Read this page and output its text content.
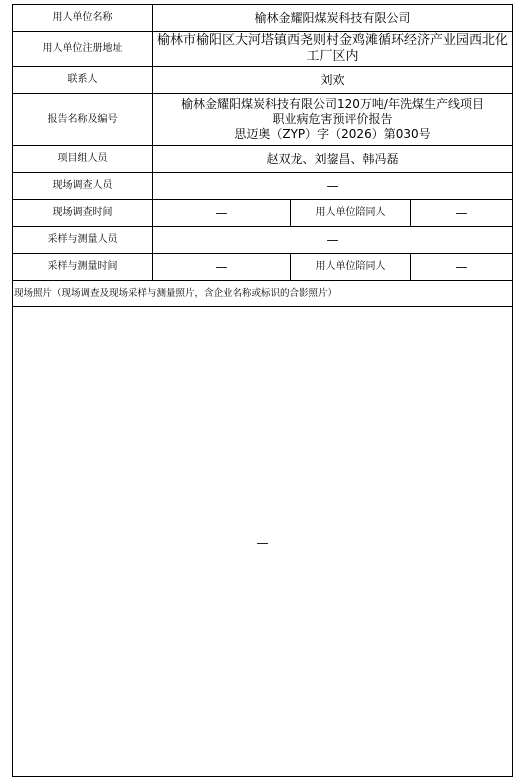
用人单位名称	榆林金耀阳煤炭科技有限公司		
用人单位注册地址	榆林市榆阳区大河塔镇西尧则村金鸡滩循环经济产业园西北化工厂区内		
联系人	刘欢		
报告名称及编号	榆林金耀阳煤炭科技有限公司120万吨/年洗煤生产线项目
职业病危害预评价报告
思迈奥（ZYP）字（2026）第030号		

项目组人员	赵双龙、刘鋆昌、韩冯磊		
现场调查人员	—		
现场调查时间	—	用人单位陪同人	—
采样与测量人员	—		
采样与测量时间	—	用人单位陪同人	—
现场照片（现场调查及现场采样与测量照片，含企业名称或标识的合影照片）			

—			
